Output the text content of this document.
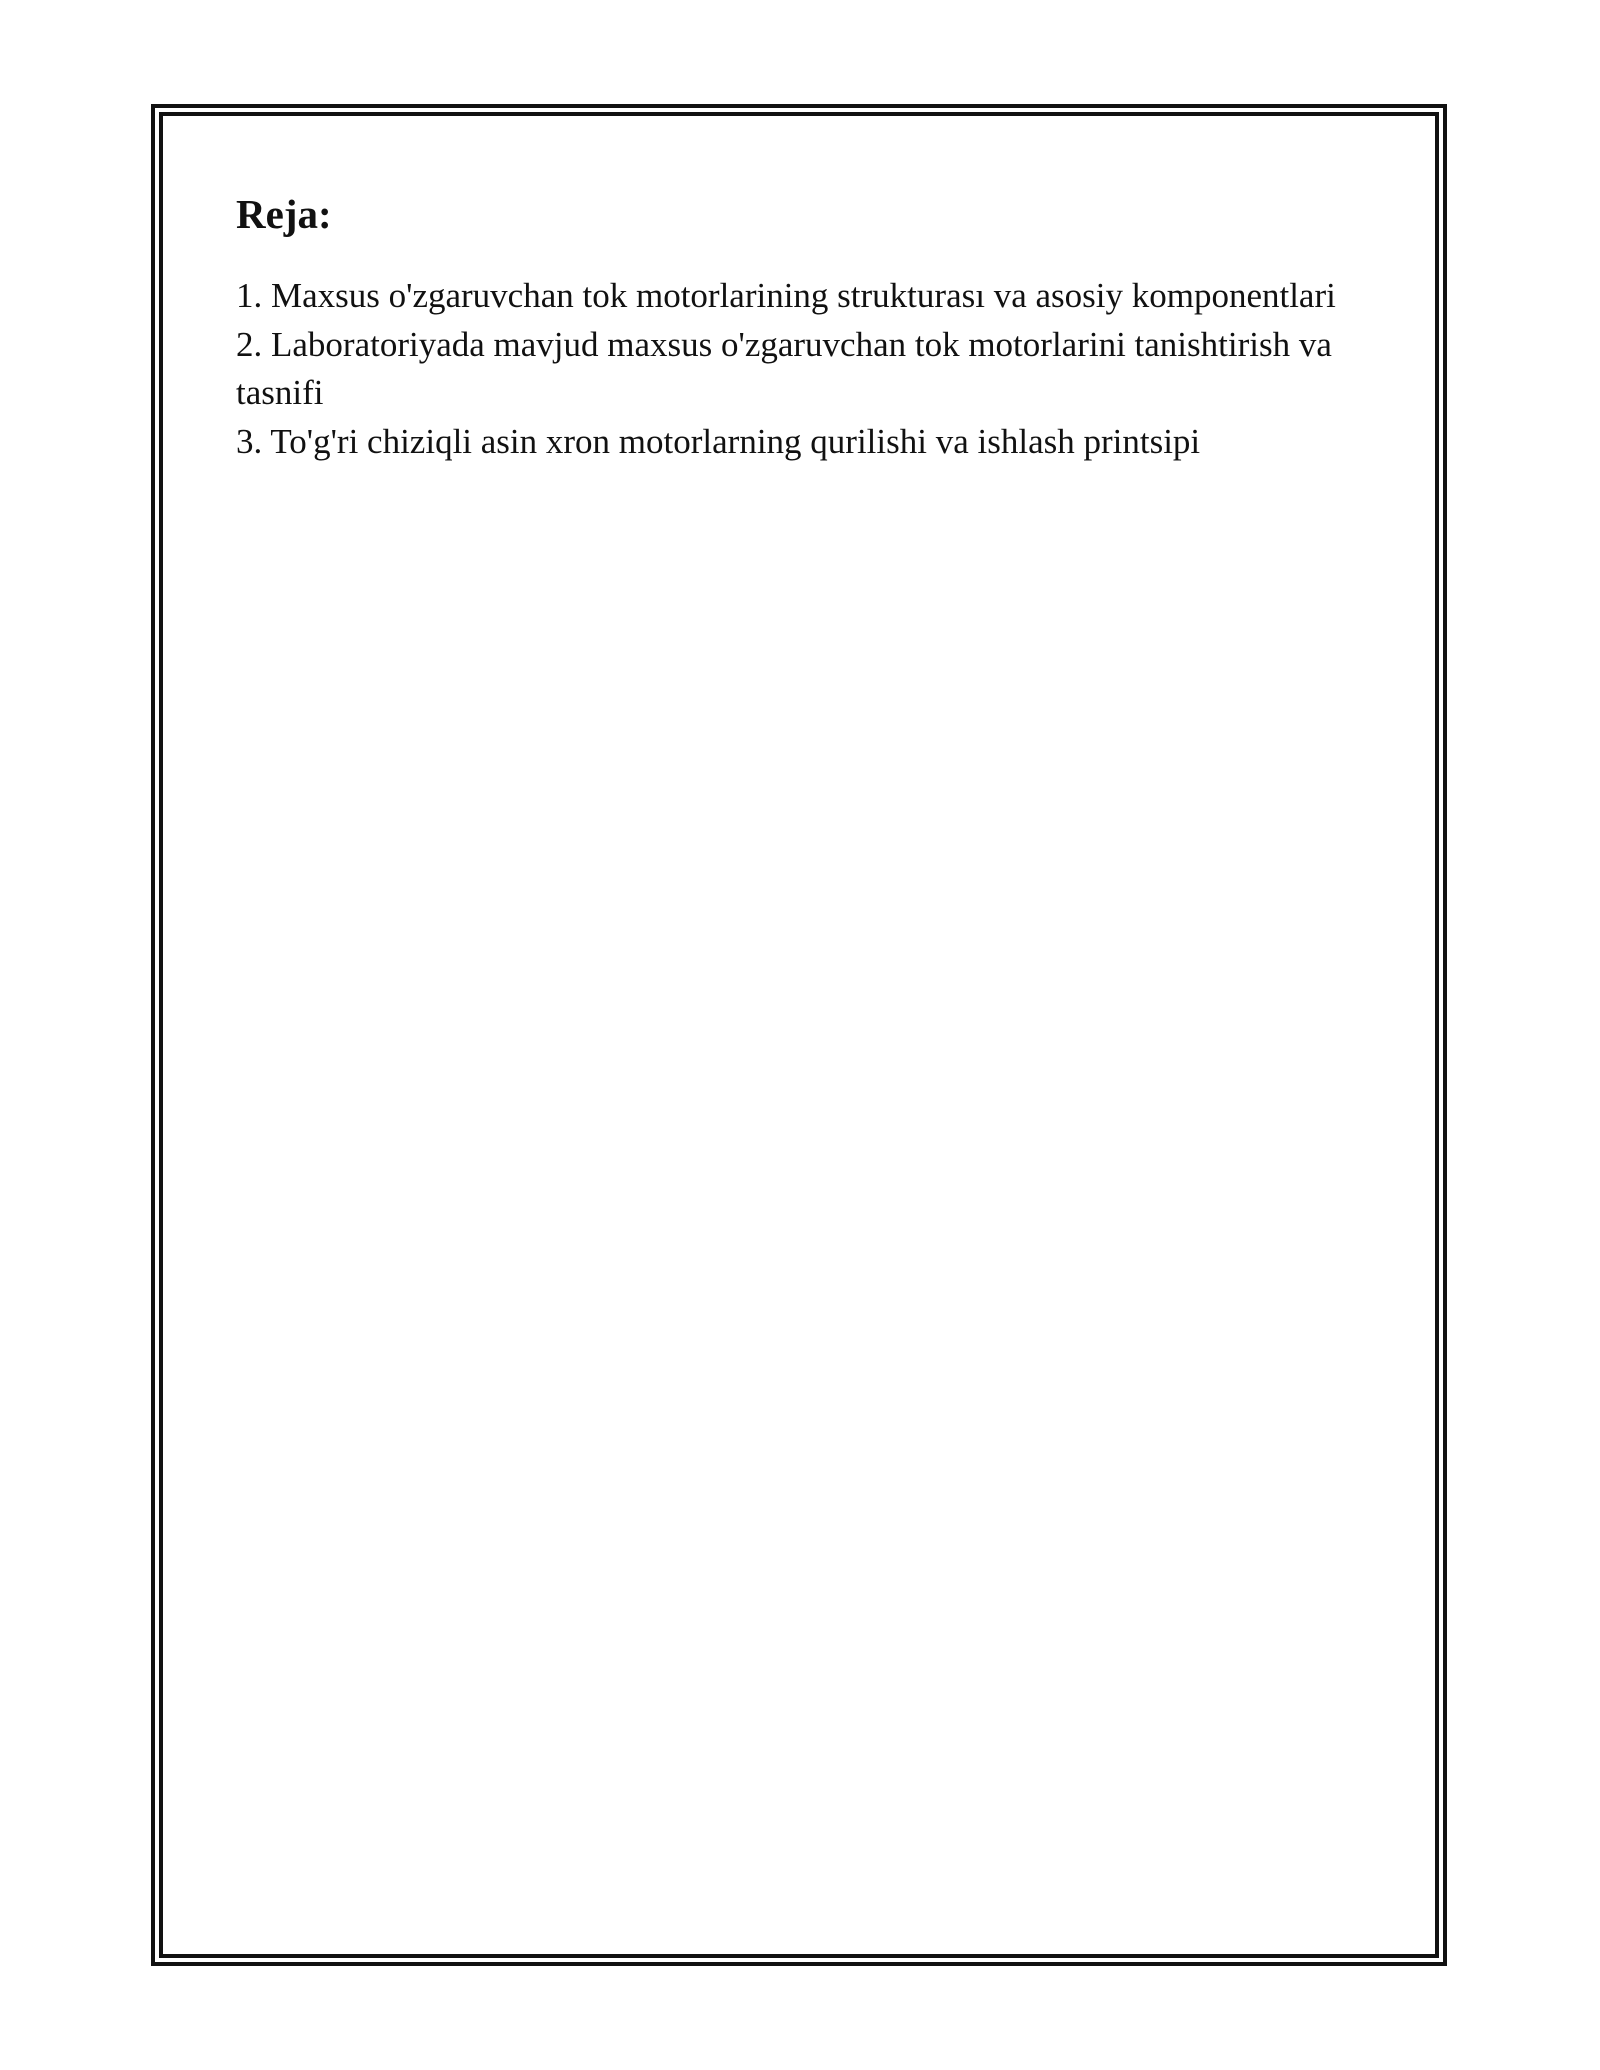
Reja:
1. Maxsus o'zgaruvchan tok motorlarining strukturası va asosiy komponentlari
2. Laboratoriyada mavjud maxsus o'zgaruvchan tok motorlarini tanishtirish va tasnifi
3. To'g'ri chiziqli asin xron motorlarning qurilishi va ishlash printsipi
